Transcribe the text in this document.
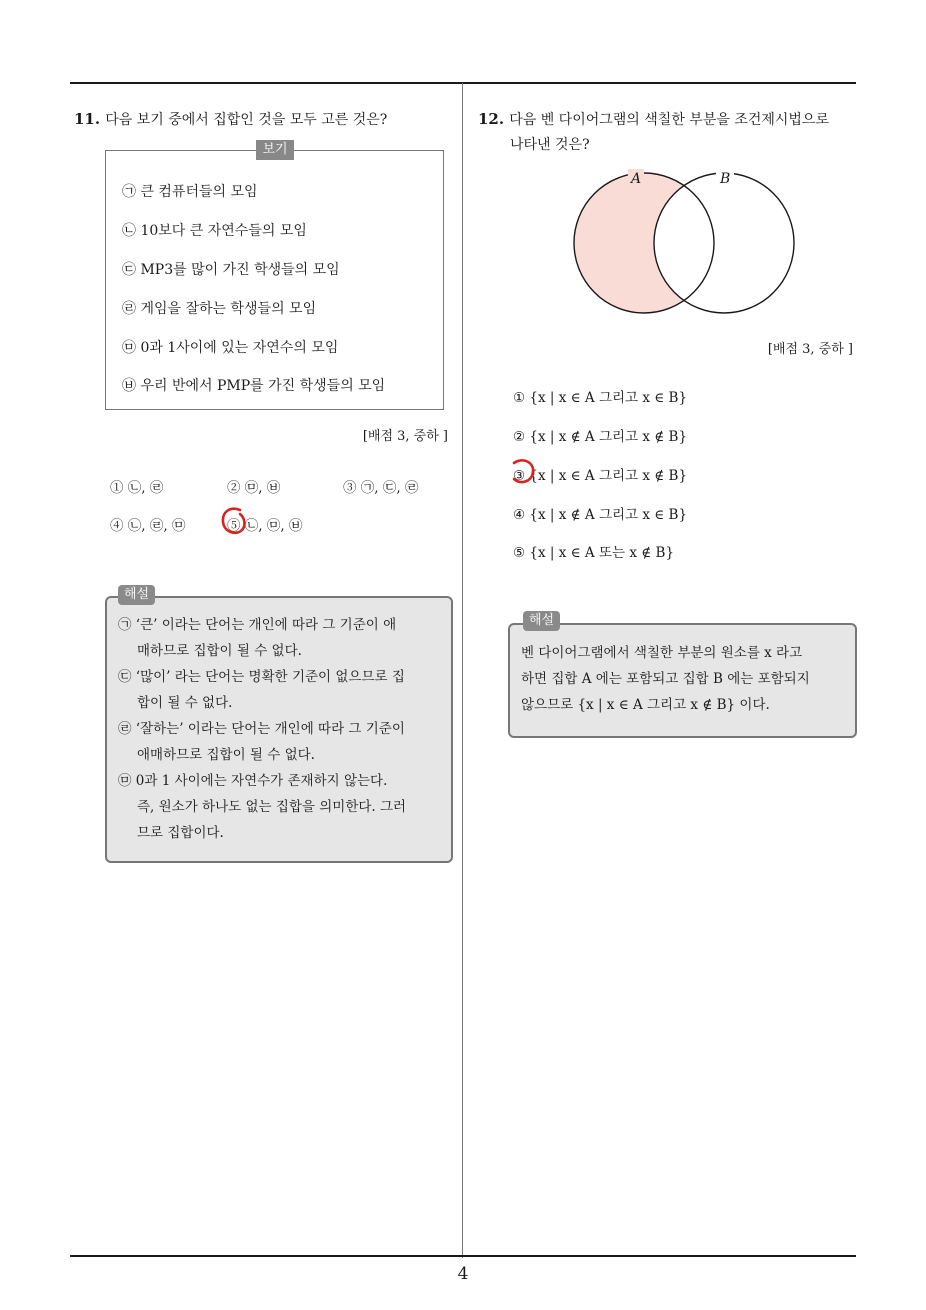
11. 다음 보기 중에서 집합인 것을 모두 고른 것은?
보기
㉠ 큰 컴퓨터들의 모임
㉡ 10보다 큰 자연수들의 모임
㉢ MP3를 많이 가진 학생들의 모임
㉣ 게임을 잘하는 학생들의 모임
㉤ 0과 1사이에 있는 자연수의 모임
㉥ 우리 반에서 PMP를 가진 학생들의 모임
[배점 3, 중하 ]
① ㉡, ㉣	② ㉤, ㉥	③ ㉠, ㉢, ㉣
④ ㉡, ㉣, ㉤	⑤ ㉡, ㉤, ㉥
해설
㉠ ‘큰’ 이라는 단어는 개인에 따라 그 기준이 애
매하므로 집합이 될 수 없다.
㉢ ‘많이’ 라는 단어는 명확한 기준이 없으므로 집
합이 될 수 없다.
㉣ ‘잘하는’ 이라는 단어는 개인에 따라 그 기준이
애매하므로 집합이 될 수 없다.
㉤ 0과 1 사이에는 자연수가 존재하지 않는다.
즉, 원소가 하나도 없는 집합을 의미한다. 그러
므로 집합이다.
12. 다음 벤 다이어그램의 색칠한 부분을 조건제시법으로
나타낸 것은?
A	B
[배점 3, 중하 ]
① {x | x ∈ A 그리고 x ∈ B}
② {x | x ∉ A 그리고 x ∉ B}
③ {x | x ∈ A 그리고 x ∉ B}
④ {x | x ∉ A 그리고 x ∈ B}
⑤ {x | x ∈ A 또는 x ∉ B}
해설
벤 다이어그램에서 색칠한 부분의 원소를 x 라고
하면 집합 A 에는 포함되고 집합 B 에는 포함되지
않으므로 {x | x ∈ A 그리고 x ∉ B} 이다.
4
